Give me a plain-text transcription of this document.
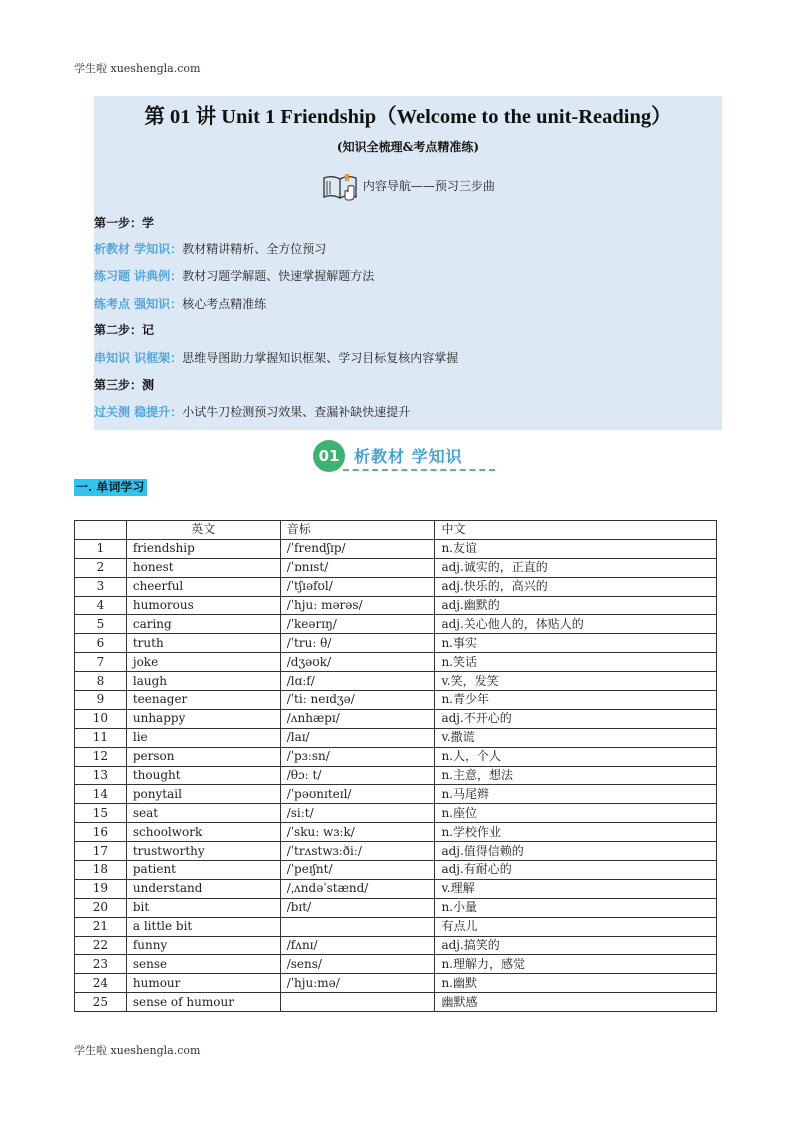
学生啦 xueshengla.com
第 01 讲 Unit 1 Friendship（Welcome to the unit-Reading）
(知识全梳理&考点精准练)
内容导航——预习三步曲
第一步：学
析教材 学知识：教材精讲精析、全方位预习
练习题 讲典例：教材习题学解题、快速掌握解题方法
练考点 强知识：核心考点精准练
第二步：记
串知识 识框架：思维导图助力掌握知识框架、学习目标复核内容掌握
第三步：测
过关测 稳提升：小试牛刀检测预习效果、查漏补缺快速提升
01 析教材 学知识
一. 单词学习
	英文	音标	中文
1	friendship	/ˈfrendʃɪp/	n.友谊
2	honest	/ˈɒnɪst/	adj.诚实的，正直的
3	cheerful	/ˈtʃɪəfʊl/	adj.快乐的，高兴的
4	humorous	/ˈhjuː mərəs/	adj.幽默的
5	caring	/ˈkeərɪŋ/	adj.关心他人的，体贴人的
6	truth	/ˈtruː θ/	n.事实
7	joke	/dʒəʊk/	n.笑话
8	laugh	/lɑːf/	v.笑，发笑
9	teenager	/ˈtiː neɪdʒə/	n.青少年
10	unhappy	/ʌnhæpɪ/	adj.不开心的
11	lie	/laɪ/	v.撒谎
12	person	/ˈpɜːsn/	n.人，个人
13	thought	/θɔː t/	n.主意，想法
14	ponytail	/ˈpəʊnɪteɪl/	n.马尾辫
15	seat	/siːt/	n.座位
16	schoolwork	/ˈskuː wɜːk/	n.学校作业
17	trustworthy	/ˈtrʌstwɜːðiː/	adj.值得信赖的
18	patient	/ˈpeɪʃnt/	adj.有耐心的
19	understand	/ˌʌndəˈstænd/	v.理解
20	bit	/bɪt/	n.小量
21	a little bit		有点儿
22	funny	/fʌnɪ/	adj.搞笑的
23	sense	/sens/	n.理解力，感觉
24	humour	/ˈhjuːmə/	n.幽默
25	sense of humour		幽默感
学生啦 xueshengla.com
